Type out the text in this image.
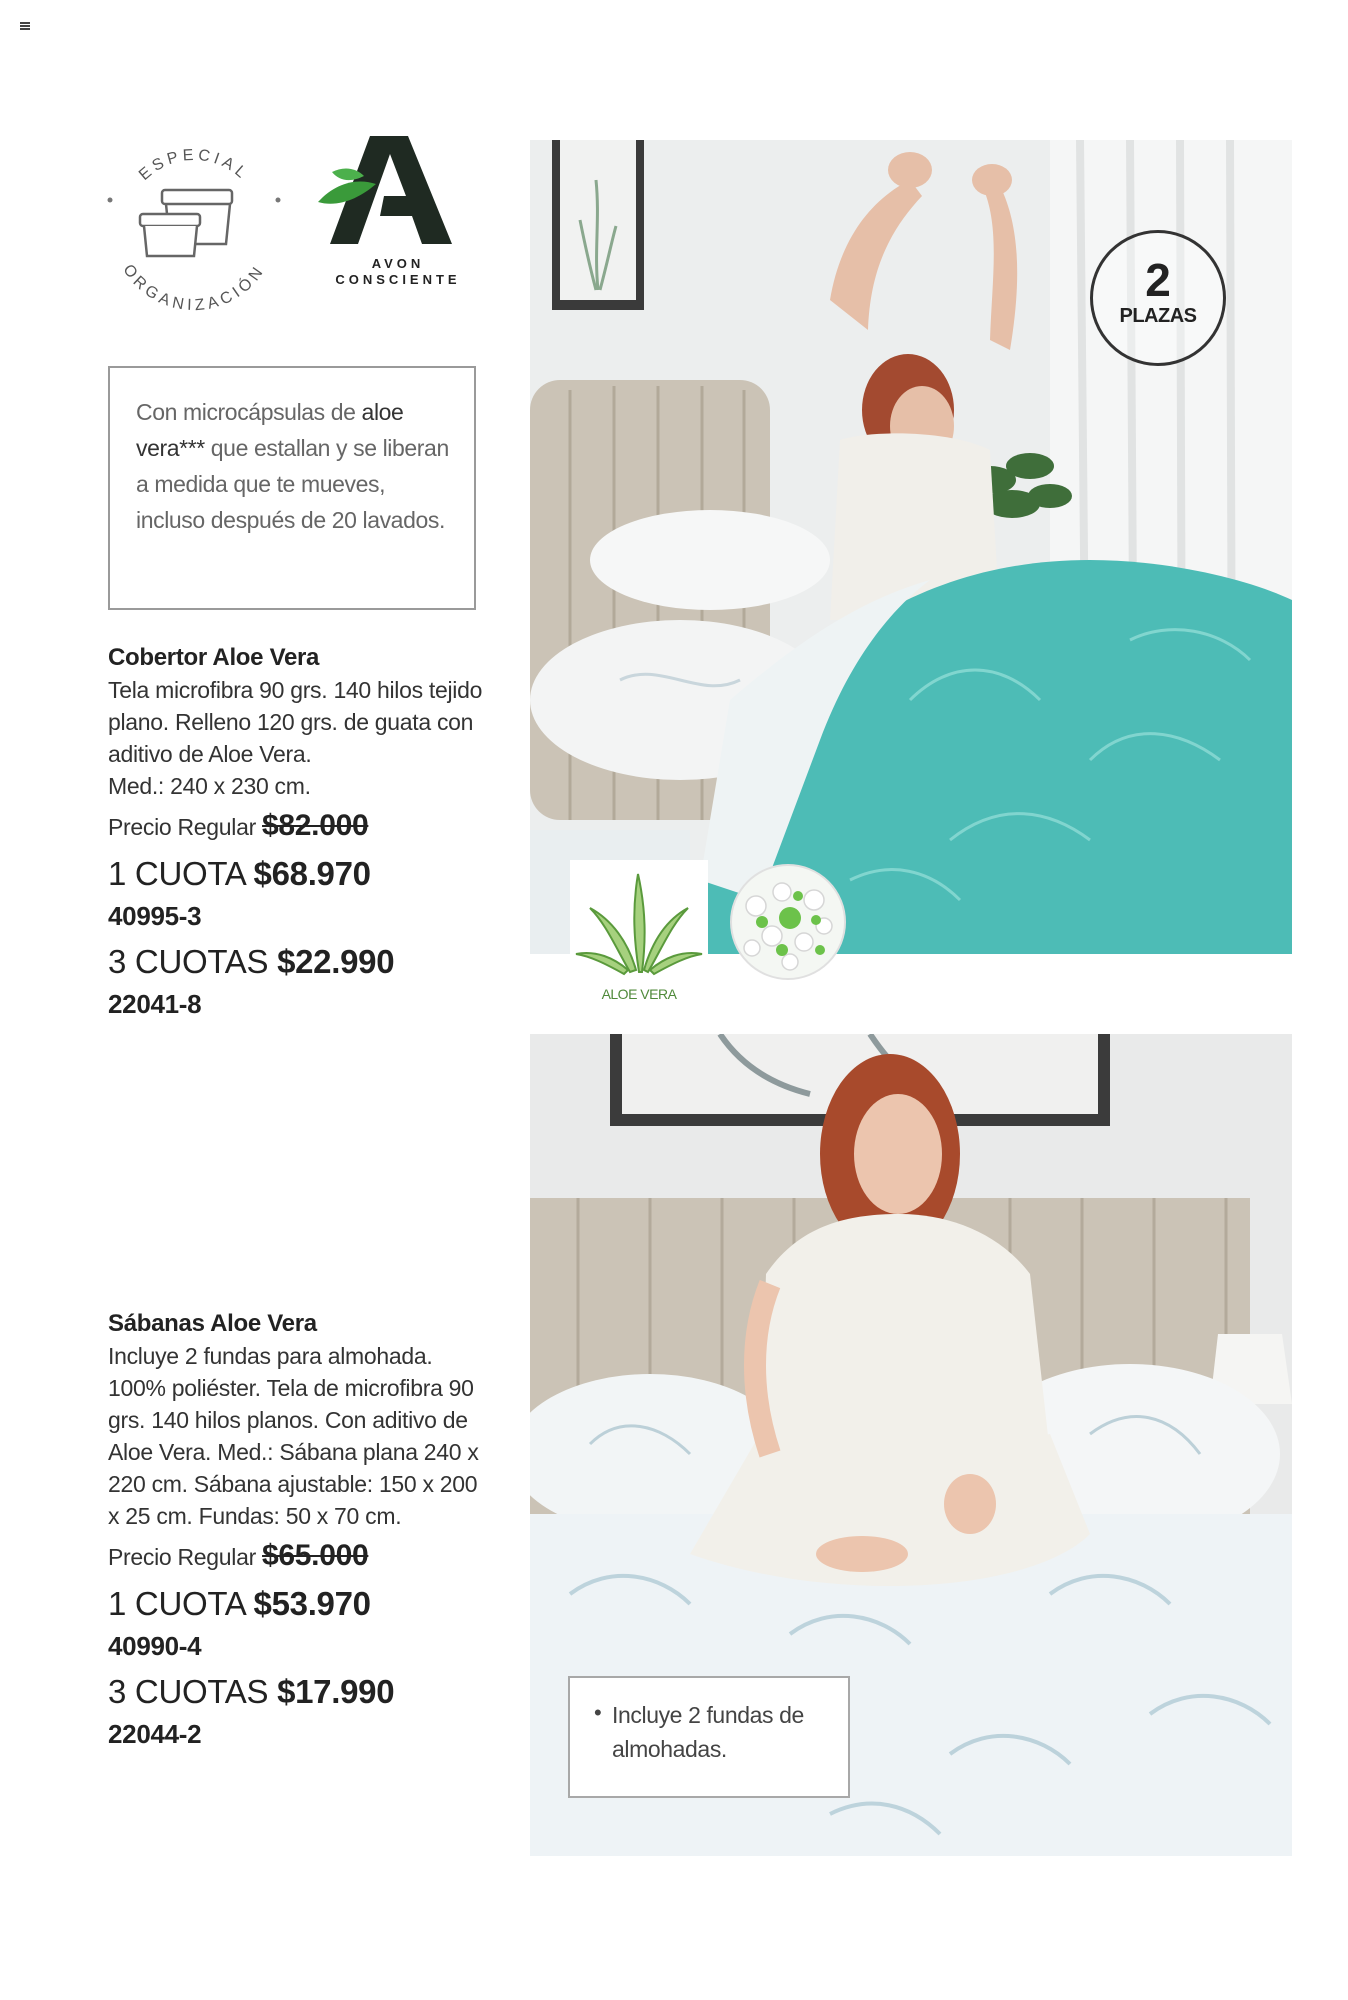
ESPECIAL
ORGANIZACIÓN	AVON
CONSCIENTE

Con microcápsulas de aloe vera*** que estallan y se liberan a medida que te mueves, incluso después de 20 lavados.

Cobertor Aloe Vera
Tela microfibra 90 grs. 140 hilos tejido plano. Relleno 120 grs. de guata con aditivo de Aloe Vera.
Med.: 240 x 230 cm.
Precio Regular $82.000
1 CUOTA $68.970
40995-3
3 CUOTAS $22.990
22041-8
Sábanas Aloe Vera
Incluye 2 fundas para almohada. 100% poliéster. Tela de microfibra 90 grs. 140 hilos planos. Con aditivo de Aloe Vera. Med.: Sábana plana 240 x 220 cm. Sábana ajustable: 150 x 200 x 25 cm. Fundas: 50 x 70 cm.
Precio Regular $65.000
1 CUOTA $53.970
40990-4
3 CUOTAS $17.990
22044-2
2
PLAZAS
ALOE VERA
• Incluye 2 fundas de almohadas.
